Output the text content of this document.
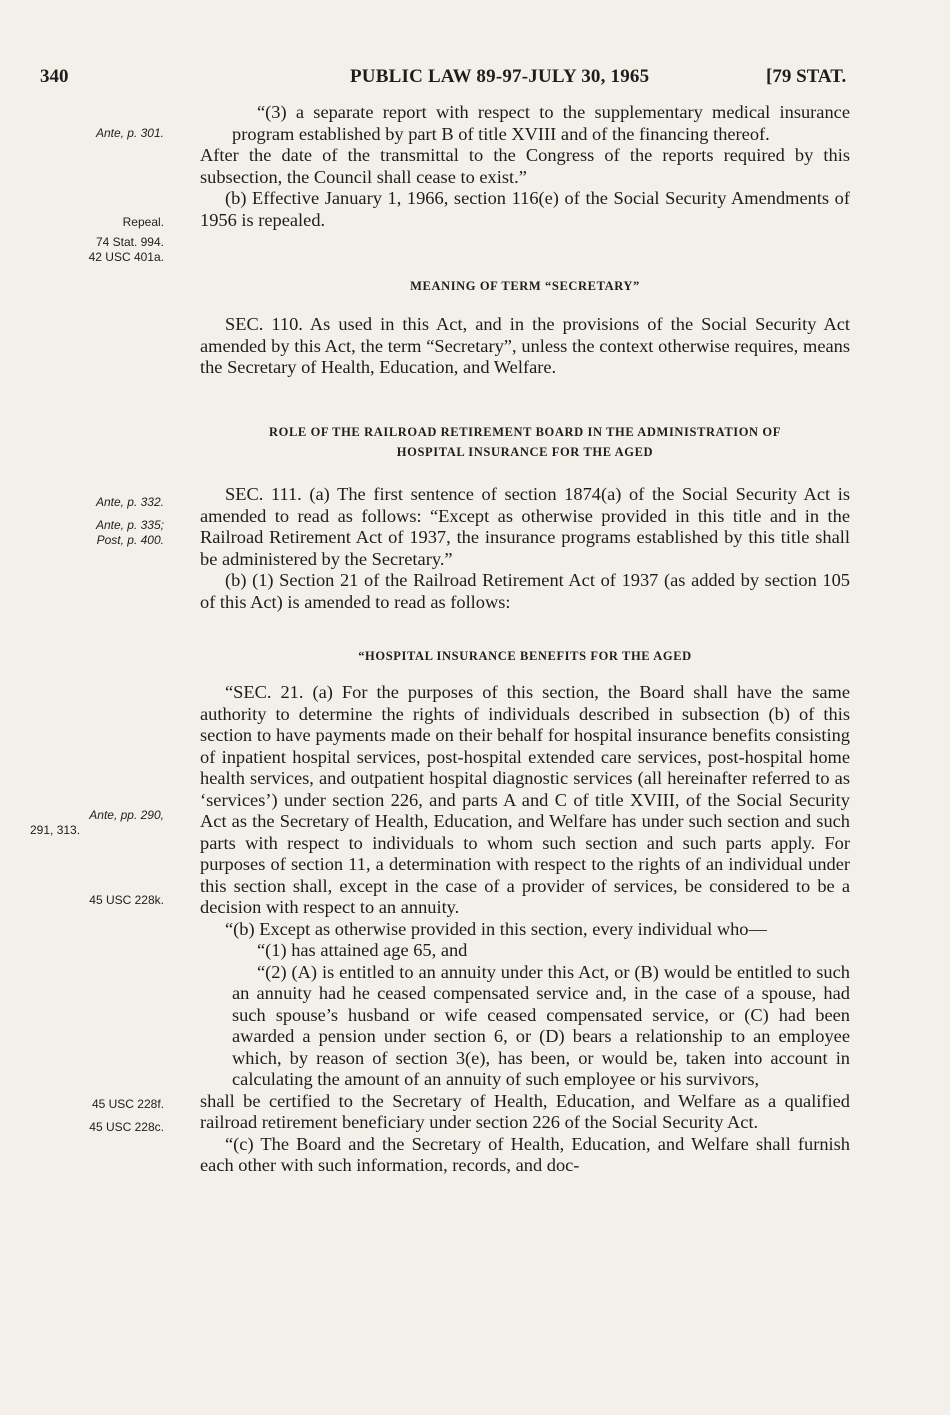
340	PUBLIC LAW 89-97-JULY 30, 1965	[79 STAT.
Ante, p. 301.
Repeal.
74 Stat. 994.
42 USC 401a.
Ante, p. 332.
Ante, p. 335;
Post, p. 400.
Ante, pp. 290,
291, 313.
45 USC 228k.
45 USC 228f.
45 USC 228c.

“(3) a separate report with respect to the supplementary medical insurance program established by part B of title XVIII and of the financing thereof.

After the date of the transmittal to the Congress of the reports required by this subsection, the Council shall cease to exist.”

(b) Effective January 1, 1966, section 116(e) of the Social Security Amendments of 1956 is repealed.

MEANING OF TERM “SECRETARY”

SEC. 110. As used in this Act, and in the provisions of the Social Security Act amended by this Act, the term “Secretary”, unless the context otherwise requires, means the Secretary of Health, Education, and Welfare.

ROLE OF THE RAILROAD RETIREMENT BOARD IN THE ADMINISTRATION OF
HOSPITAL INSURANCE FOR THE AGED

SEC. 111. (a) The first sentence of section 1874(a) of the Social Security Act is amended to read as follows: “Except as otherwise provided in this title and in the Railroad Retirement Act of 1937, the insurance programs established by this title shall be administered by the Secretary.”

(b) (1) Section 21 of the Railroad Retirement Act of 1937 (as added by section 105 of this Act) is amended to read as follows:

“HOSPITAL INSURANCE BENEFITS FOR THE AGED

“SEC. 21. (a) For the purposes of this section, the Board shall have the same authority to determine the rights of individuals described in subsection (b) of this section to have payments made on their behalf for hospital insurance benefits consisting of inpatient hospital services, post-hospital extended care services, post-hospital home health services, and outpatient hospital diagnostic services (all hereinafter referred to as ‘services’) under section 226, and parts A and C of title XVIII, of the Social Security Act as the Secretary of Health, Education, and Welfare has under such section and such parts with respect to individuals to whom such section and such parts apply. For purposes of section 11, a determination with respect to the rights of an individual under this section shall, except in the case of a provider of services, be considered to be a decision with respect to an annuity.

“(b) Except as otherwise provided in this section, every individual who—

“(1) has attained age 65, and

“(2) (A) is entitled to an annuity under this Act, or (B) would be entitled to such an annuity had he ceased compensated service and, in the case of a spouse, had such spouse’s husband or wife ceased compensated service, or (C) had been awarded a pension under section 6, or (D) bears a relationship to an employee which, by reason of section 3(e), has been, or would be, taken into account in calculating the amount of an annuity of such employee or his survivors,

shall be certified to the Secretary of Health, Education, and Welfare as a qualified railroad retirement beneficiary under section 226 of the Social Security Act.

“(c) The Board and the Secretary of Health, Education, and Welfare shall furnish each other with such information, records, and doc-
